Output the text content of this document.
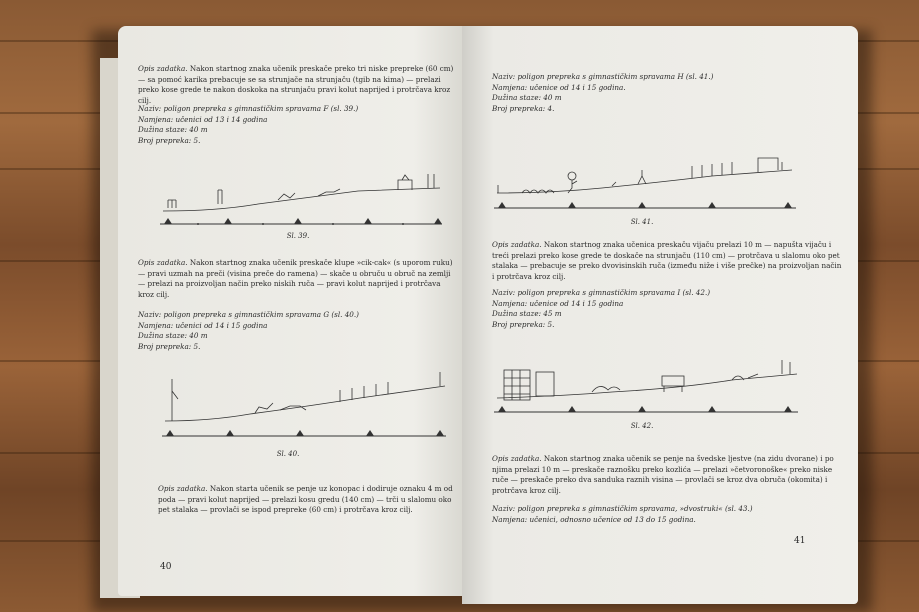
Opis zadatka. Nakon startnog znaka učenik preskače preko tri niske prepreke (60 cm) — sa pomoć karika prebacuje se sa strunjače na strunjaču (tgib na kima) — prelazi preko kose grede te nakon doskoka na strunjaču pravi kolut naprijed i protrčava kroz cilj.

Naziv: poligon prepreka s gimnastičkim spravama F (sl. 39.)

Namjena: učenici od 13 i 14 godina

Dužina staze: 40 m

Broj prepreka: 5.

Sl. 39.

Opis zadatka. Nakon startnog znaka učenik preskače klupe »cik-cak« (s uporom ruku) — pravi uzmah na preči (visina preče do ramena) — skače u obruču u obruč na zemlji — prelazi na proizvoljan način preko niskih ruča — pravi kolut naprijed i protrčava kroz cilj.

Naziv: poligon prepreka s gimnastičkim spravama G (sl. 40.)

Namjena: učenici od 14 i 15 godina

Dužina staze: 40 m

Broj prepreka: 5.

Sl. 40.

Opis zadatka. Nakon starta učenik se penje uz konopac i dodiruje oznaku 4 m od poda — pravi kolut naprijed — prelazi kosu gredu (140 cm) — trči u slalomu oko pet stalaka — provlači se ispod prepreke (60 cm) i protrčava kroz cilj.

40

Naziv: poligon prepreka s gimnastičkim spravama H (sl. 41.)

Namjena: učenice od 14 i 15 godina.

Dužina staze: 40 m

Broj prepreka: 4.

Sl. 41.

Opis zadatka. Nakon startnog znaka učenica preskaču vijaču prelazi 10 m — napušta vijaču i treći prelazi preko kose grede te doskače na strunjaču (110 cm) — protrčava u slalomu oko pet stalaka — prebacuje se preko dvovisinskih ruča (između niže i više prečke) na proizvoljan način i protrčava kroz cilj.

Naziv: poligon prepreka s gimnastičkim spravama I (sl. 42.)

Namjena: učenice od 14 i 15 godina

Dužina staze: 45 m

Broj prepreka: 5.

Sl. 42.

Opis zadatka. Nakon startnog znaka učenik se penje na švedske ljestve (na zidu dvorane) i po njima prelazi 10 m — preskače raznošku preko kozlića — prelazi »četvoronoške« preko niske ruče — preskače preko dva sanduka raznih visina — provlači se kroz dva obruča (okomita) i protrčava kroz cilj.

Naziv: poligon prepreka s gimnastičkim spravama, »dvostruki« (sl. 43.)

Namjena: učenici, odnosno učenice od 13 do 15 godina.

41
